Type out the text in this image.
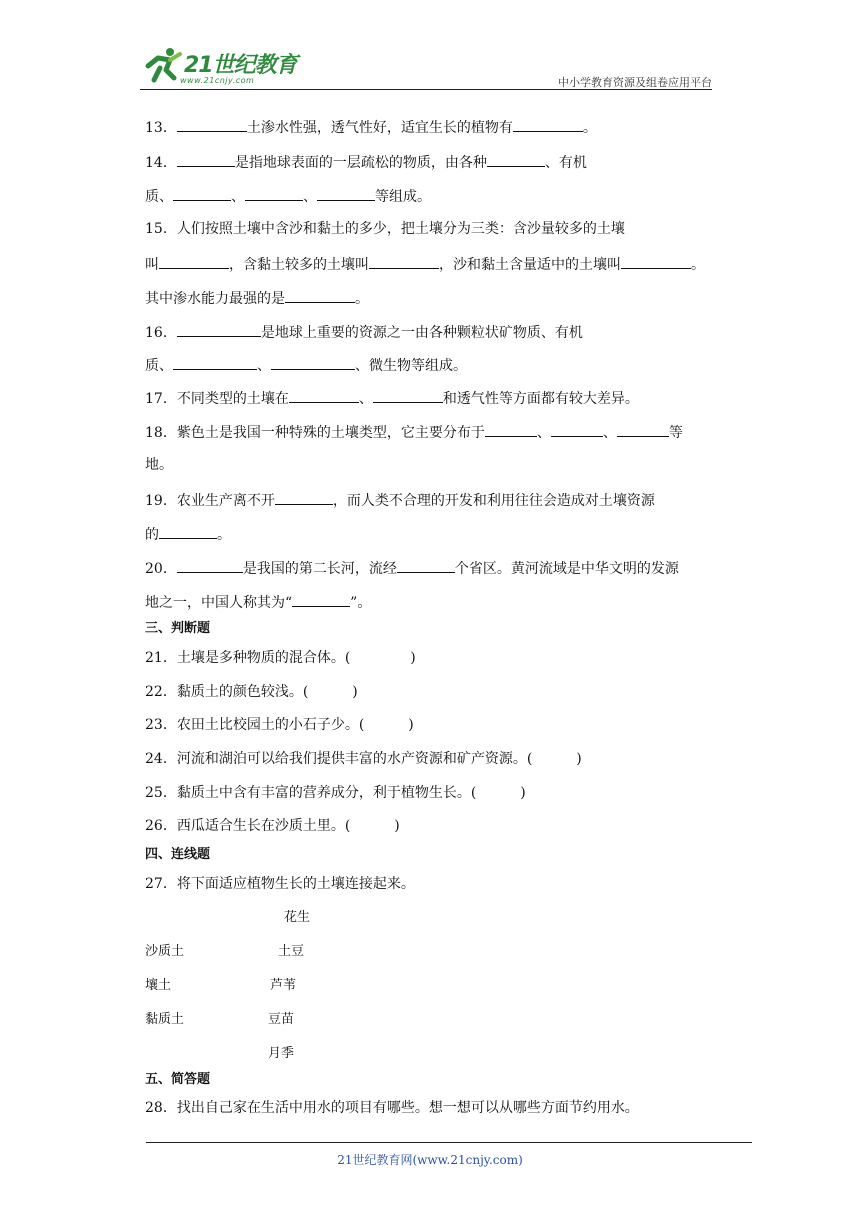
21世纪教育
www.21cnjy.com	中小学教育资源及组卷应用平台
13．	土渗水性强，透气性好，适宜生长的植物有	。
14．	是指地球表面的一层疏松的物质，由各种	、有机
质、	、	、	等组成。
15．人们按照土壤中含沙和黏土的多少，把土壤分为三类：含沙量较多的土壤
叫	，含黏土较多的土壤叫	，沙和黏土含量适中的土壤叫	。
其中渗水能力最强的是	。
16．	是地球上重要的资源之一由各种颗粒状矿物质、有机
质、	、	、微生物等组成。
17．不同类型的土壤在	、	和透气性等方面都有较大差异。
18．紫色土是我国一种特殊的土壤类型，它主要分布于	、	、	等
地。
19．农业生产离不开	，而人类不合理的开发和利用往往会造成对土壤资源
的	。
20．	是我国的第二长河，流经	个省区。黄河流域是中华文明的发源
地之一，中国人称其为“	”。
三、判断题
21．土壤是多种物质的混合体。(	)
22．黏质土的颜色较浅。(	)
23．农田土比校园土的小石子少。(	)
24．河流和湖泊可以给我们提供丰富的水产资源和矿产资源。(	)
25．黏质土中含有丰富的营养成分，利于植物生长。(	)
26．西瓜适合生长在沙质土里。(	)
四、连线题
27．将下面适应植物生长的土壤连接起来。
花生
沙质土	土豆
壤土	芦苇
黏质土	豆苗
月季
五、简答题
28．找出自己家在生活中用水的项目有哪些。想一想可以从哪些方面节约用水。
21世纪教育网(www.21cnjy.com)
